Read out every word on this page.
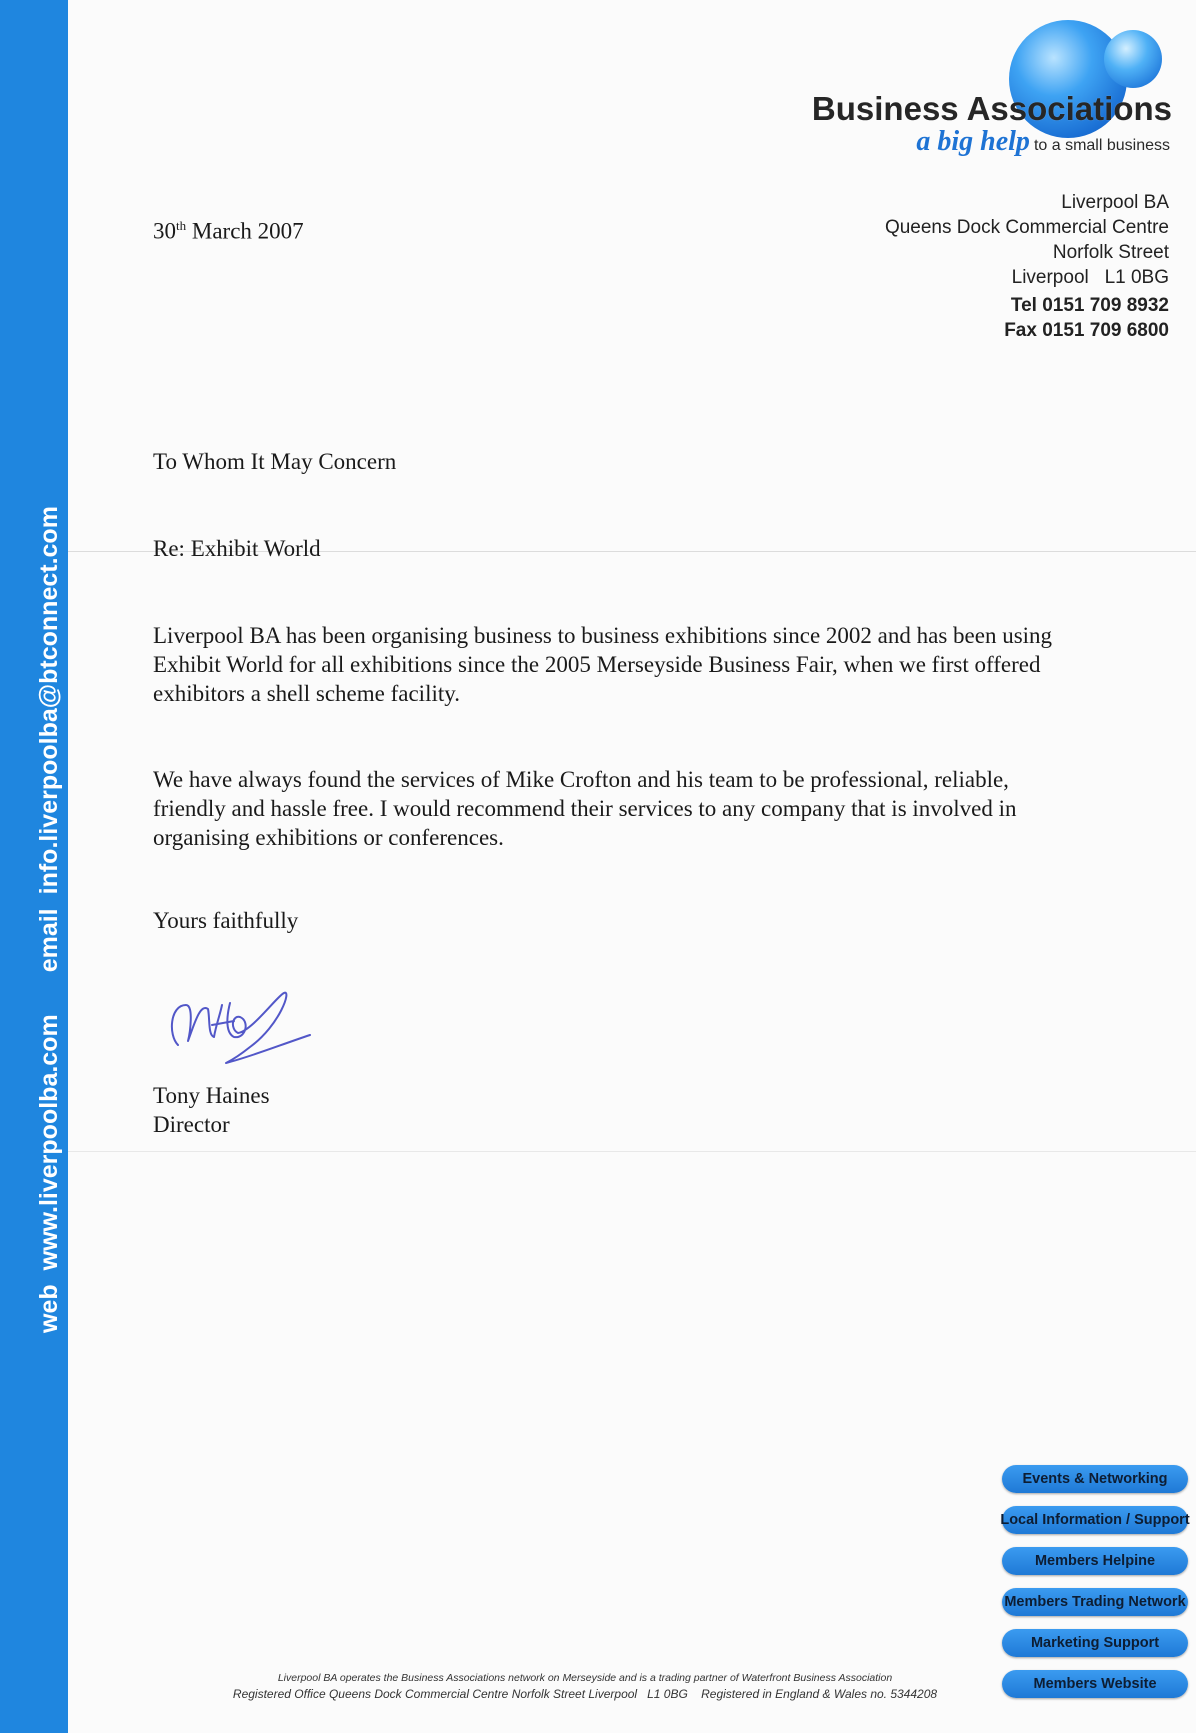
webwww.liverpoolba.comemailinfo.liverpoolba@btconnect.com
Business Associations
a big help to a small business
Liverpool BA
Queens Dock Commercial Centre
Norfolk Street
Liverpool   L1 0BG
Tel 0151 709 8932
Fax 0151 709 6800
30th March 2007
To Whom It May Concern
Re: Exhibit World
Liverpool BA has been organising business to business exhibitions since 2002 and has been using Exhibit World for all exhibitions since the 2005 Merseyside Business Fair, when we first offered exhibitors a shell scheme facility.
We have always found the services of Mike Crofton and his team to be professional, reliable, friendly and hassle free. I would recommend their services to any company that is involved in organising exhibitions or conferences.
Yours faithfully
Tony Haines
Director
Events & Networking
Local Information / Support
Members Helpine
Members Trading Network
Marketing Support
Members Website
Liverpool BA operates the Business Associations network on Merseyside and is a trading partner of Waterfront Business Association
Registered Office Queens Dock Commercial Centre Norfolk Street Liverpool   L1 0BG    Registered in England & Wales no. 5344208
